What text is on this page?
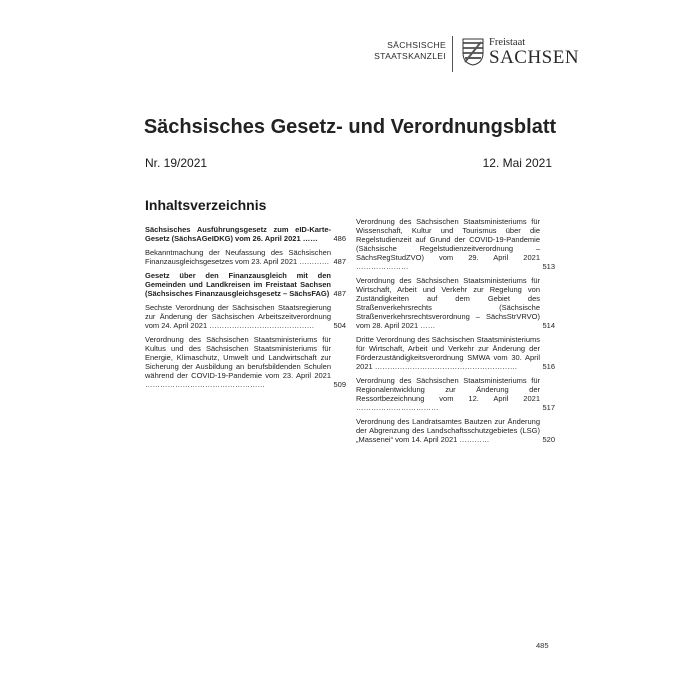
SÄCHSISCHE
STAATSKANZLEI
Freistaat
SACHSEN
Sächsisches Gesetz- und Verordnungsblatt
Nr. 19/2021	12. Mai 2021
Inhaltsverzeichnis
Sächsisches Ausführungsgesetz zum eID-Karte-Gesetz (SächsAGeIDKG) vom 26. April 2021 …… 486
Bekanntmachung der Neufassung des Sächsischen Finanzausgleichsgesetzes vom 23. April 2021 ………… 487
Gesetz über den Finanzausgleich mit den Gemeinden und Landkreisen im Freistaat Sachsen (Sächsisches Finanzausgleichsgesetz – SächsFAG) 487
Sechste Verordnung der Sächsischen Staatsregierung zur Änderung der Sächsischen Arbeitszeitverordnung vom 24. April 2021 ……………………………………	504
Verordnung des Sächsischen Staatsministeriums für Kultus und des Sächsischen Staatsministeriums für Energie, Klimaschutz, Umwelt und Landwirtschaft zur Sicherung der Ausbildung an berufsbildenden Schulen während der COVID-19-Pandemie vom 23. April 2021 …………………………………………	509
Verordnung des Sächsischen Staatsministeriums für Wissenschaft, Kultur und Tourismus über die Regelstudienzeit auf Grund der COVID-19-Pandemie (Sächsische Regelstudienzeitverordnung – SächsRegStudZVO) vom 29. April 2021 …………………	513
Verordnung des Sächsischen Staatsministeriums für Wirtschaft, Arbeit und Verkehr zur Regelung von Zuständigkeiten auf dem Gebiet des Straßenverkehrsrechts (Sächsische Straßenverkehrsrechtsverordnung – SächsStrVRVO) vom 28. April 2021 ……	514
Dritte Verordnung des Sächsischen Staatsministeriums für Wirtschaft, Arbeit und Verkehr zur Änderung der Förderzuständigkeitsverordnung SMWA vom 30. April 2021 …………………………………………………	516
Verordnung des Sächsischen Staatsministeriums für Regionalentwicklung zur Änderung der Ressortbezeichnung vom 12. April 2021 ……………………………	517
Verordnung des Landratsamtes Bautzen zur Änderung der Abgrenzung des Landschaftsschutzgebietes (LSG) „Massenei“ vom 14. April 2021 …………	520
485
